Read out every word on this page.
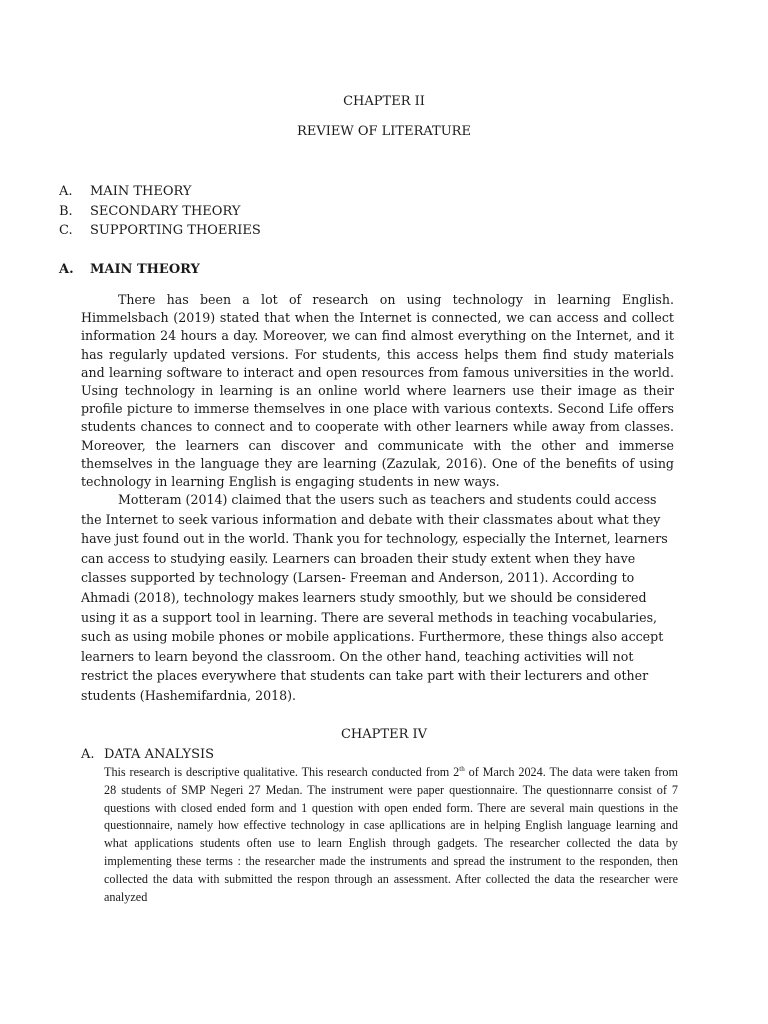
CHAPTER II

REVIEW OF LITERATURE

A. MAIN THEORY
B. SECONDARY THEORY
C. SUPPORTING THOERIES
A. MAIN THEORY

There has been a lot of research on using technology in learning English. Himmelsbach (2019) stated that when the Internet is connected, we can access and collect information 24 hours a day. Moreover, we can find almost everything on the Internet, and it has regularly updated versions. For students, this access helps them find study materials and learning software to interact and open resources from famous universities in the world. Using technology in learning is an online world where learners use their image as their profile picture to immerse themselves in one place with various contexts. Second Life offers students chances to connect and to cooperate with other learners while away from classes. Moreover, the learners can discover and communicate with the other and immerse themselves in the language they are learning (Zazulak, 2016). One of the benefits of using technology in learning English is engaging students in new ways.

Motteram (2014) claimed that the users such as teachers and students could access the Internet to seek various information and debate with their classmates about what they have just found out in the world. Thank you for technology, especially the Internet, learners can access to studying easily. Learners can broaden their study extent when they have classes supported by technology (Larsen- Freeman and Anderson, 2011). According to Ahmadi (2018), technology makes learners study smoothly, but we should be considered using it as a support tool in learning. There are several methods in teaching vocabularies, such as using mobile phones or mobile applications. Furthermore, these things also accept learners to learn beyond the classroom. On the other hand, teaching activities will not restrict the places everywhere that students can take part with their lecturers and other students (Hashemifardnia, 2018).

CHAPTER IV

A. DATA ANALYSIS

This research is descriptive qualitative. This research conducted from 2th of March 2024. The data were taken from 28 students of SMP Negeri 27 Medan. The instrument were paper questionnaire. The questionnarre consist of 7 questions with closed ended form and 1 question with open ended form. There are several main questions in the questionnaire, namely how effective technology in case apllications are in helping English language learning and what applications students often use to learn English through gadgets. The researcher collected the data by implementing these terms : the researcher made the instruments and spread the instrument to the responden, then collected the data with submitted the respon through an assessment. After collected the data the researcher were analyzed
